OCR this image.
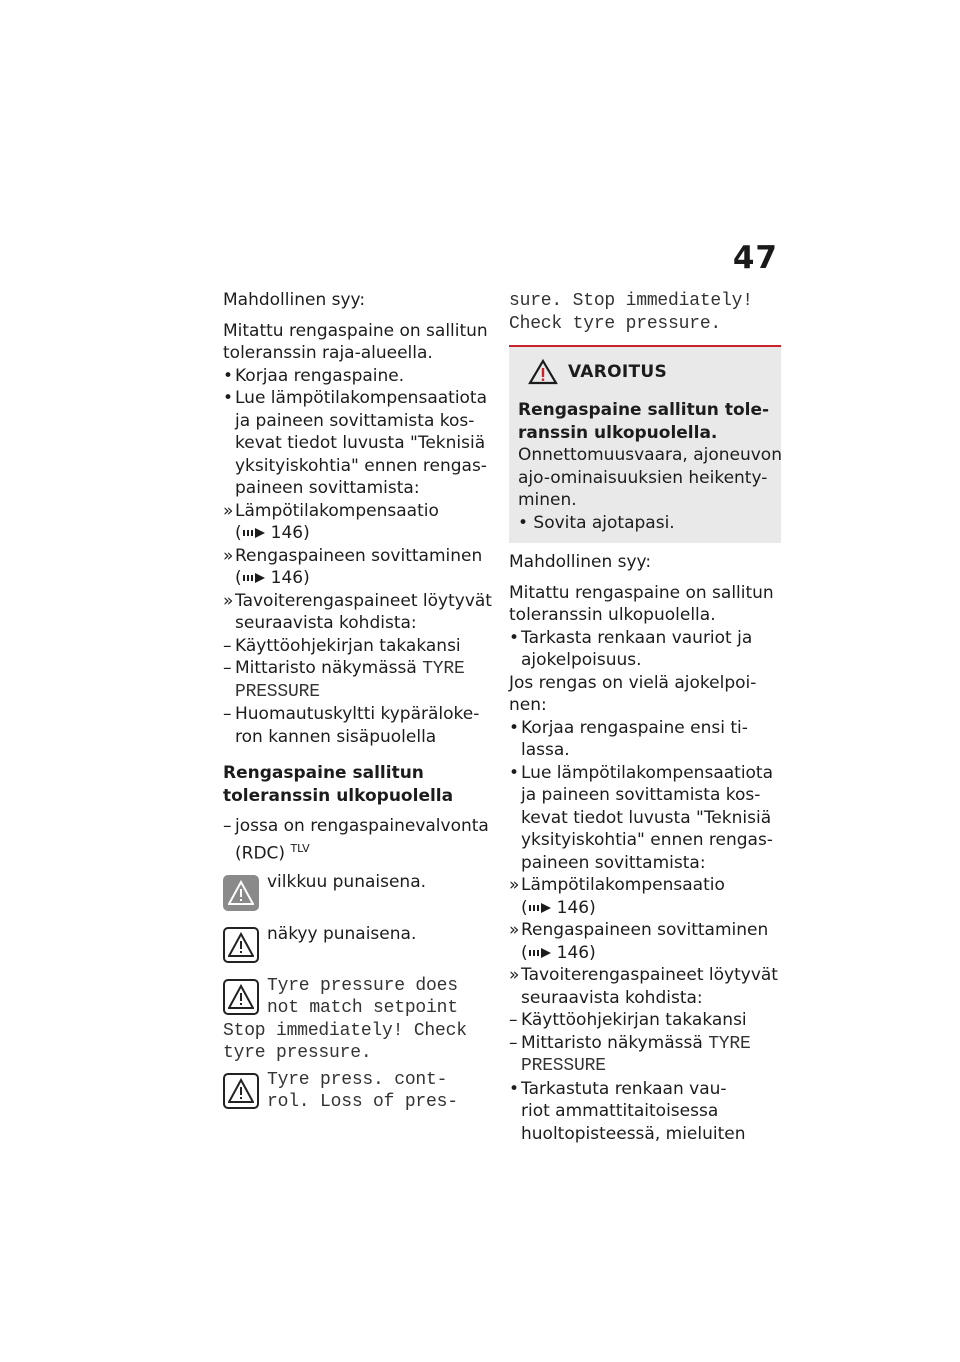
47
Mahdollinen syy:
Mitattu rengaspaine on sallitun
toleranssin raja-alueella.
• Korjaa rengaspaine.
• Lue lämpötilakompensaatiota
ja paineen sovittamista kos-
kevat tiedot luvusta "Teknisiä
yksityiskohtia" ennen rengas-
paineen sovittamista:
» Lämpötilakompensaatio
( 146)
» Rengaspaineen sovittaminen
( 146)
» Tavoiterengaspaineet löytyvät
seuraavista kohdista:
– Käyttöohjekirjan takakansi
– Mittaristo näkymässä TYRE
PRESSURE
– Huomautuskyltti kypäräloke-
ron kannen sisäpuolella
Rengaspaine sallitun
toleranssin ulkopuolella
– jossa on rengaspainevalvonta
(RDC) $^{TLV}$
vilkkuu punaisena.
näkyy punaisena.
Tyre pressure does
not match setpoint
Stop immediately! Check
tyre pressure.
Tyre press. cont-
rol. Loss of pres-
sure. Stop immediately!
Check tyre pressure.
VAROITUS
Rengaspaine sallitun tole-
ranssin ulkopuolella.
Onnettomuusvaara, ajoneuvon
ajo-ominaisuuksien heikenty-
minen.
• Sovita ajotapasi.
Mahdollinen syy:
Mitattu rengaspaine on sallitun
toleranssin ulkopuolella.
• Tarkasta renkaan vauriot ja
ajokelpoisuus.
Jos rengas on vielä ajokelpoi-
nen:
• Korjaa rengaspaine ensi ti-
lassa.
• Lue lämpötilakompensaatiota
ja paineen sovittamista kos-
kevat tiedot luvusta "Teknisiä
yksityiskohtia" ennen rengas-
paineen sovittamista:
» Lämpötilakompensaatio
( 146)
» Rengaspaineen sovittaminen
( 146)
» Tavoiterengaspaineet löytyvät
seuraavista kohdista:
– Käyttöohjekirjan takakansi
– Mittaristo näkymässä TYRE
PRESSURE
• Tarkastuta renkaan vau-
riot ammattitaitoisessa
huoltopisteessä, mieluiten
